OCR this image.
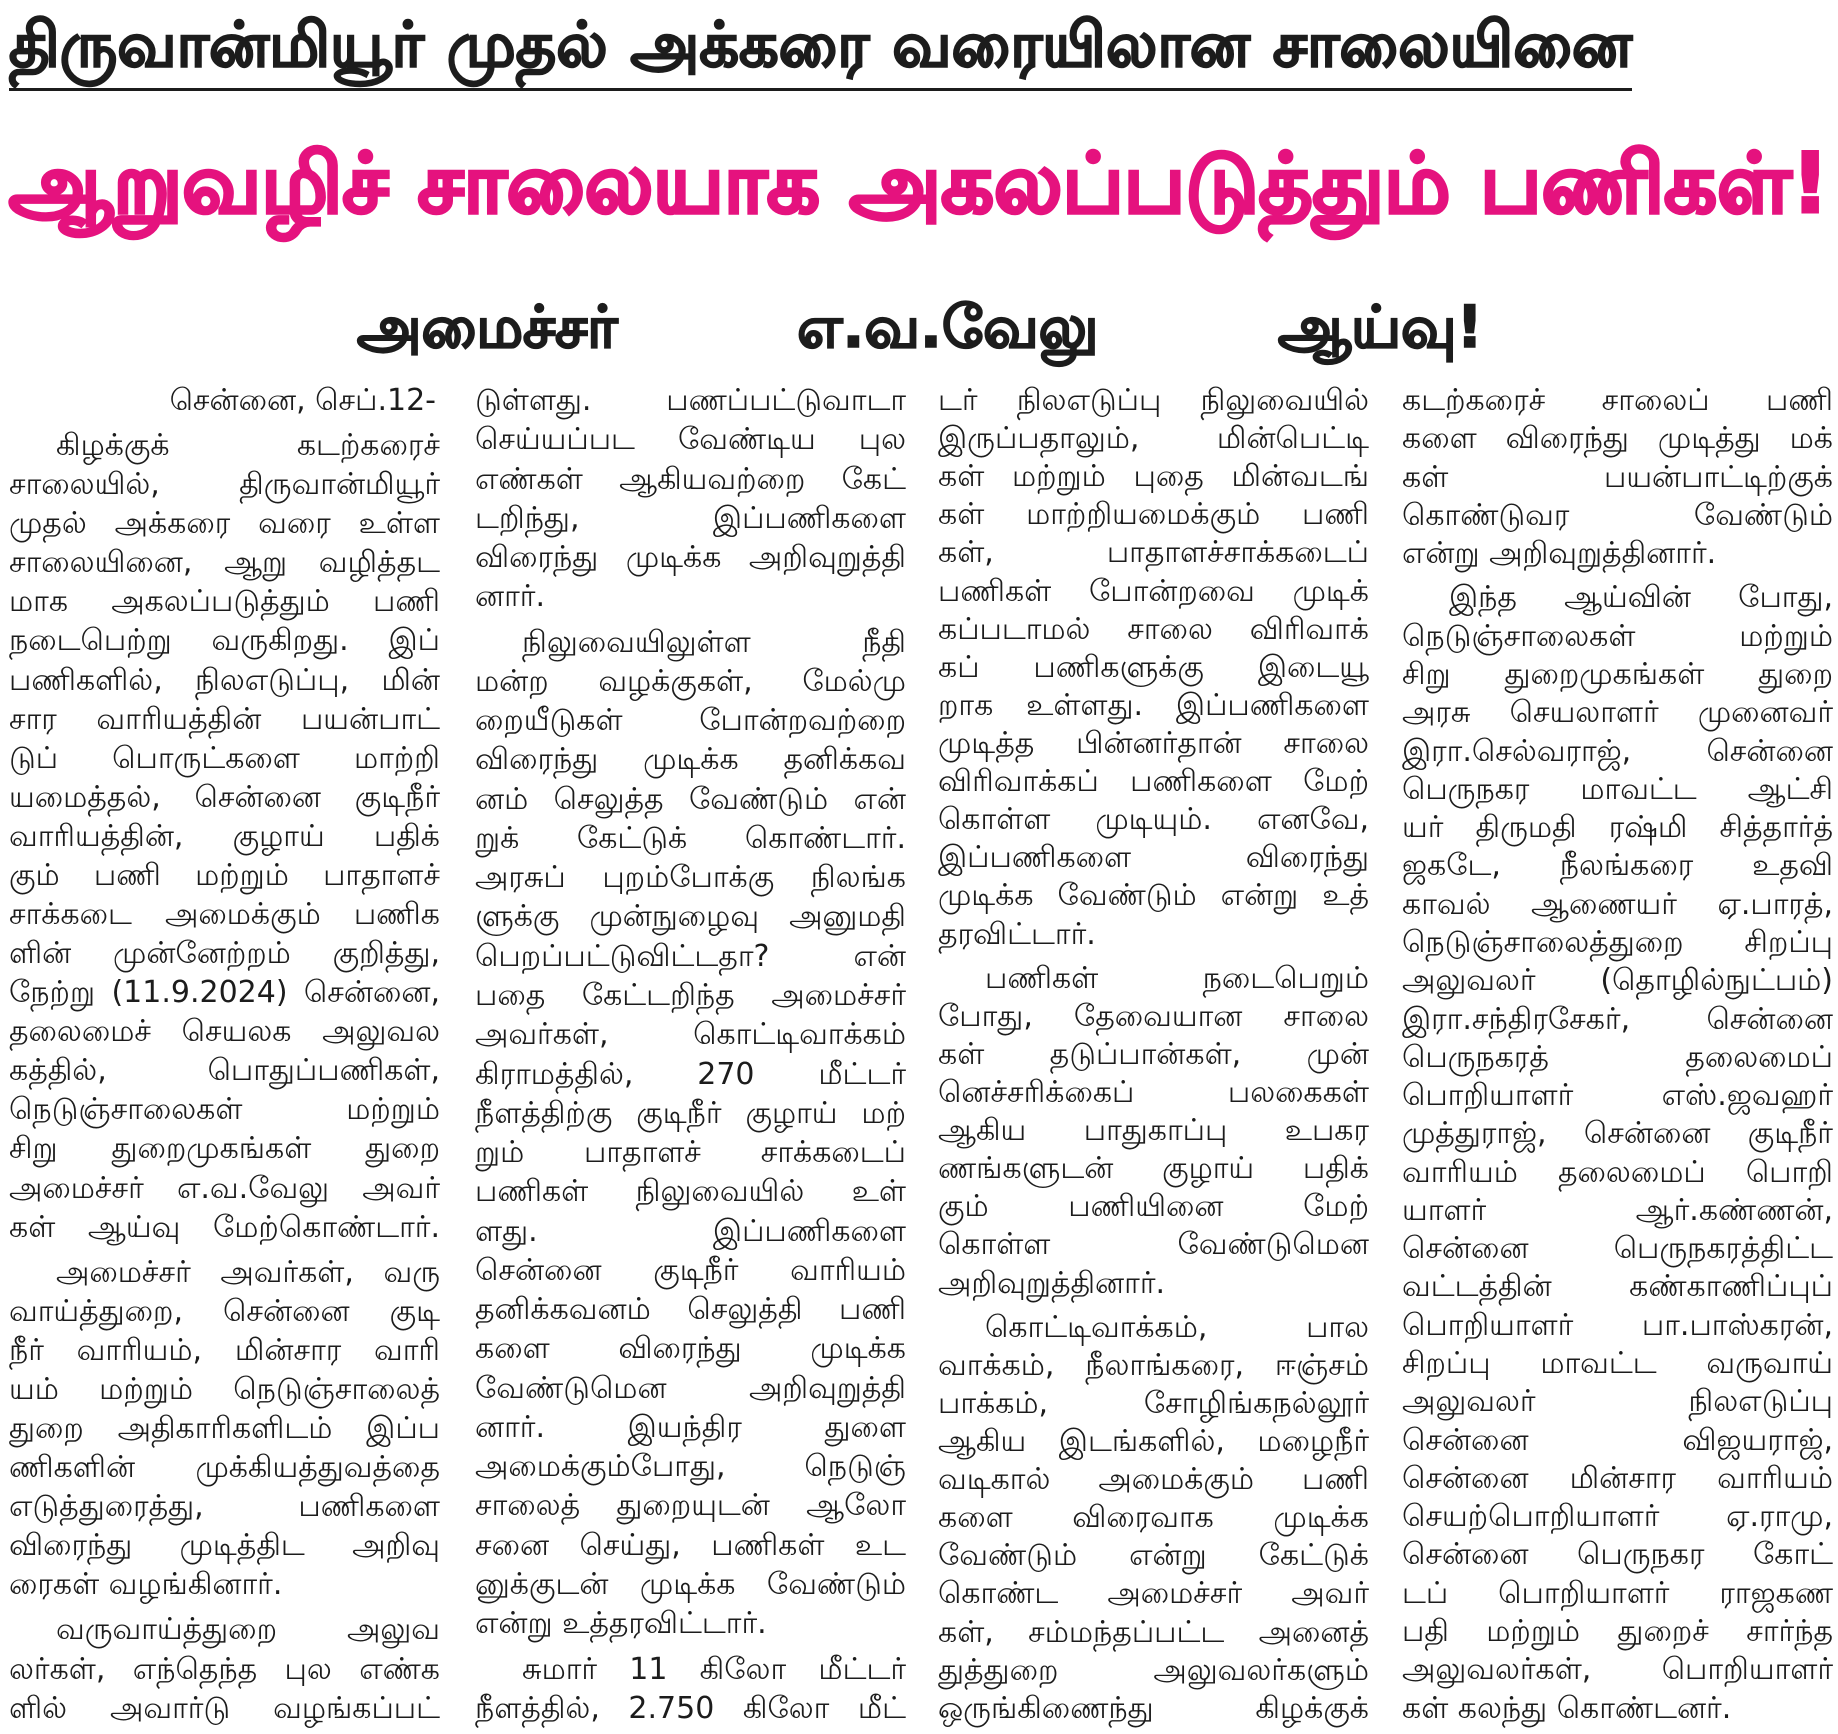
திருவான்மியூர் முதல் அக்கரை வரையிலான சாலையினை
ஆறுவழிச் சாலையாக அகலப்படுத்தும் பணிகள்!
அமைச்சர் எ.வ.வேலு ஆய்வு!
சென்னை, செப்.12-
கிழக்குக் கடற்கரைச்
சாலையில், திருவான்மியூர்
முதல் அக்கரை வரை உள்ள
சாலையினை, ஆறு வழித்தட
மாக அகலப்படுத்தும் பணி
நடைபெற்று வருகிறது. இப்
பணிகளில், நிலஎடுப்பு, மின்
சார வாரியத்தின் பயன்பாட்
டுப் பொருட்களை மாற்றி
யமைத்தல், சென்னை குடிநீர்
வாரியத்தின், குழாய் பதிக்
கும் பணி மற்றும் பாதாளச்
சாக்கடை அமைக்கும் பணிக
ளின் முன்னேற்றம் குறித்து,
நேற்று (11.9.2024) சென்னை,
தலைமைச் செயலக அலுவல
கத்தில், பொதுப்பணிகள்,
நெடுஞ்சாலைகள் மற்றும்
சிறு துறைமுகங்கள் துறை
அமைச்சர் எ.வ.வேலு அவர்
கள் ஆய்வு மேற்கொண்டார்.
அமைச்சர் அவர்கள், வரு
வாய்த்துறை, சென்னை குடி
நீர் வாரியம், மின்சார வாரி
யம் மற்றும் நெடுஞ்சாலைத்
துறை அதிகாரிகளிடம் இப்ப
ணிகளின் முக்கியத்துவத்தை
எடுத்துரைத்து, பணிகளை
விரைந்து முடித்திட அறிவு
ரைகள் வழங்கினார்.
வருவாய்த்துறை அலுவ
லர்கள், எந்தெந்த புல எண்க
ளில் அவார்டு வழங்கப்பட்
டுள்ளது. பணப்பட்டுவாடா
செய்யப்பட வேண்டிய புல
எண்கள் ஆகியவற்றை கேட்
டறிந்து, இப்பணிகளை
விரைந்து முடிக்க அறிவுறுத்தி
னார்.
நிலுவையிலுள்ள நீதி
மன்ற வழக்குகள், மேல்மு
றையீடுகள் போன்றவற்றை
விரைந்து முடிக்க தனிக்கவ
னம் செலுத்த வேண்டும் என்
றுக் கேட்டுக் கொண்டார்.
அரசுப் புறம்போக்கு நிலங்க
ளுக்கு முன்நுழைவு அனுமதி
பெறப்பட்டுவிட்டதா? என்
பதை கேட்டறிந்த அமைச்சர்
அவர்கள், கொட்டிவாக்கம்
கிராமத்தில், 270 மீட்டர்
நீளத்திற்கு குடிநீர் குழாய் மற்
றும் பாதாளச் சாக்கடைப்
பணிகள் நிலுவையில் உள்
ளது. இப்பணிகளை
சென்னை குடிநீர் வாரியம்
தனிக்கவனம் செலுத்தி பணி
களை விரைந்து முடிக்க
வேண்டுமென அறிவுறுத்தி
னார். இயந்திர துளை
அமைக்கும்போது, நெடுஞ்
சாலைத் துறையுடன் ஆலோ
சனை செய்து, பணிகள் உட
னுக்குடன் முடிக்க வேண்டும்
என்று உத்தரவிட்டார்.
சுமார் 11 கிலோ மீட்டர்
நீளத்தில், 2.750 கிலோ மீட்
டர் நிலஎடுப்பு நிலுவையில்
இருப்பதாலும், மின்பெட்டி
கள் மற்றும் புதை மின்வடங்
கள் மாற்றியமைக்கும் பணி
கள், பாதாளச்சாக்கடைப்
பணிகள் போன்றவை முடிக்
கப்படாமல் சாலை விரிவாக்
கப் பணிகளுக்கு இடையூ
றாக உள்ளது. இப்பணிகளை
முடித்த பின்னர்தான் சாலை
விரிவாக்கப் பணிகளை மேற்
கொள்ள முடியும். எனவே,
இப்பணிகளை விரைந்து
முடிக்க வேண்டும் என்று உத்
தரவிட்டார்.
பணிகள் நடைபெறும்
போது, தேவையான சாலை
கள் தடுப்பான்கள், முன்
னெச்சரிக்கைப் பலகைகள்
ஆகிய பாதுகாப்பு உபகர
ணங்களுடன் குழாய் பதிக்
கும் பணியினை மேற்
கொள்ள வேண்டுமென
அறிவுறுத்தினார்.
கொட்டிவாக்கம், பால
வாக்கம், நீலாங்கரை, ஈஞ்சம்
பாக்கம், சோழிங்கநல்லூர்
ஆகிய இடங்களில், மழைநீர்
வடிகால் அமைக்கும் பணி
களை விரைவாக முடிக்க
வேண்டும் என்று கேட்டுக்
கொண்ட அமைச்சர் அவர்
கள், சம்மந்தப்பட்ட அனைத்
துத்துறை அலுவலர்களும்
ஒருங்கிணைந்து கிழக்குக்
கடற்கரைச் சாலைப் பணி
களை விரைந்து முடித்து மக்
கள் பயன்பாட்டிற்குக்
கொண்டுவர வேண்டும்
என்று அறிவுறுத்தினார்.
இந்த ஆய்வின் போது,
நெடுஞ்சாலைகள் மற்றும்
சிறு துறைமுகங்கள் துறை
அரசு செயலாளர் முனைவர்
இரா.செல்வராஜ், சென்னை
பெருநகர மாவட்ட ஆட்சி
யர் திருமதி ரஷ்மி சித்தார்த்
ஜகடே, நீலங்கரை உதவி
காவல் ஆணையர் ஏ.பாரத்,
நெடுஞ்சாலைத்துறை சிறப்பு
அலுவலர் (தொழில்நுட்பம்)
இரா.சந்திரசேகர், சென்னை
பெருநகரத் தலைமைப்
பொறியாளர் எஸ்.ஜவஹர்
முத்துராஜ், சென்னை குடிநீர்
வாரியம் தலைமைப் பொறி
யாளர் ஆர்.கண்ணன்,
சென்னை பெருநகரத்திட்ட
வட்டத்தின் கண்காணிப்புப்
பொறியாளர் பா.பாஸ்கரன்,
சிறப்பு மாவட்ட வருவாய்
அலுவலர் நிலஎடுப்பு
சென்னை விஜயராஜ்,
சென்னை மின்சார வாரியம்
செயற்பொறியாளர் ஏ.ராமு,
சென்னை பெருநகர கோட்
டப் பொறியாளர் ராஜகண
பதி மற்றும் துறைச் சார்ந்த
அலுவலர்கள், பொறியாளர்
கள் கலந்து கொண்டனர்.
